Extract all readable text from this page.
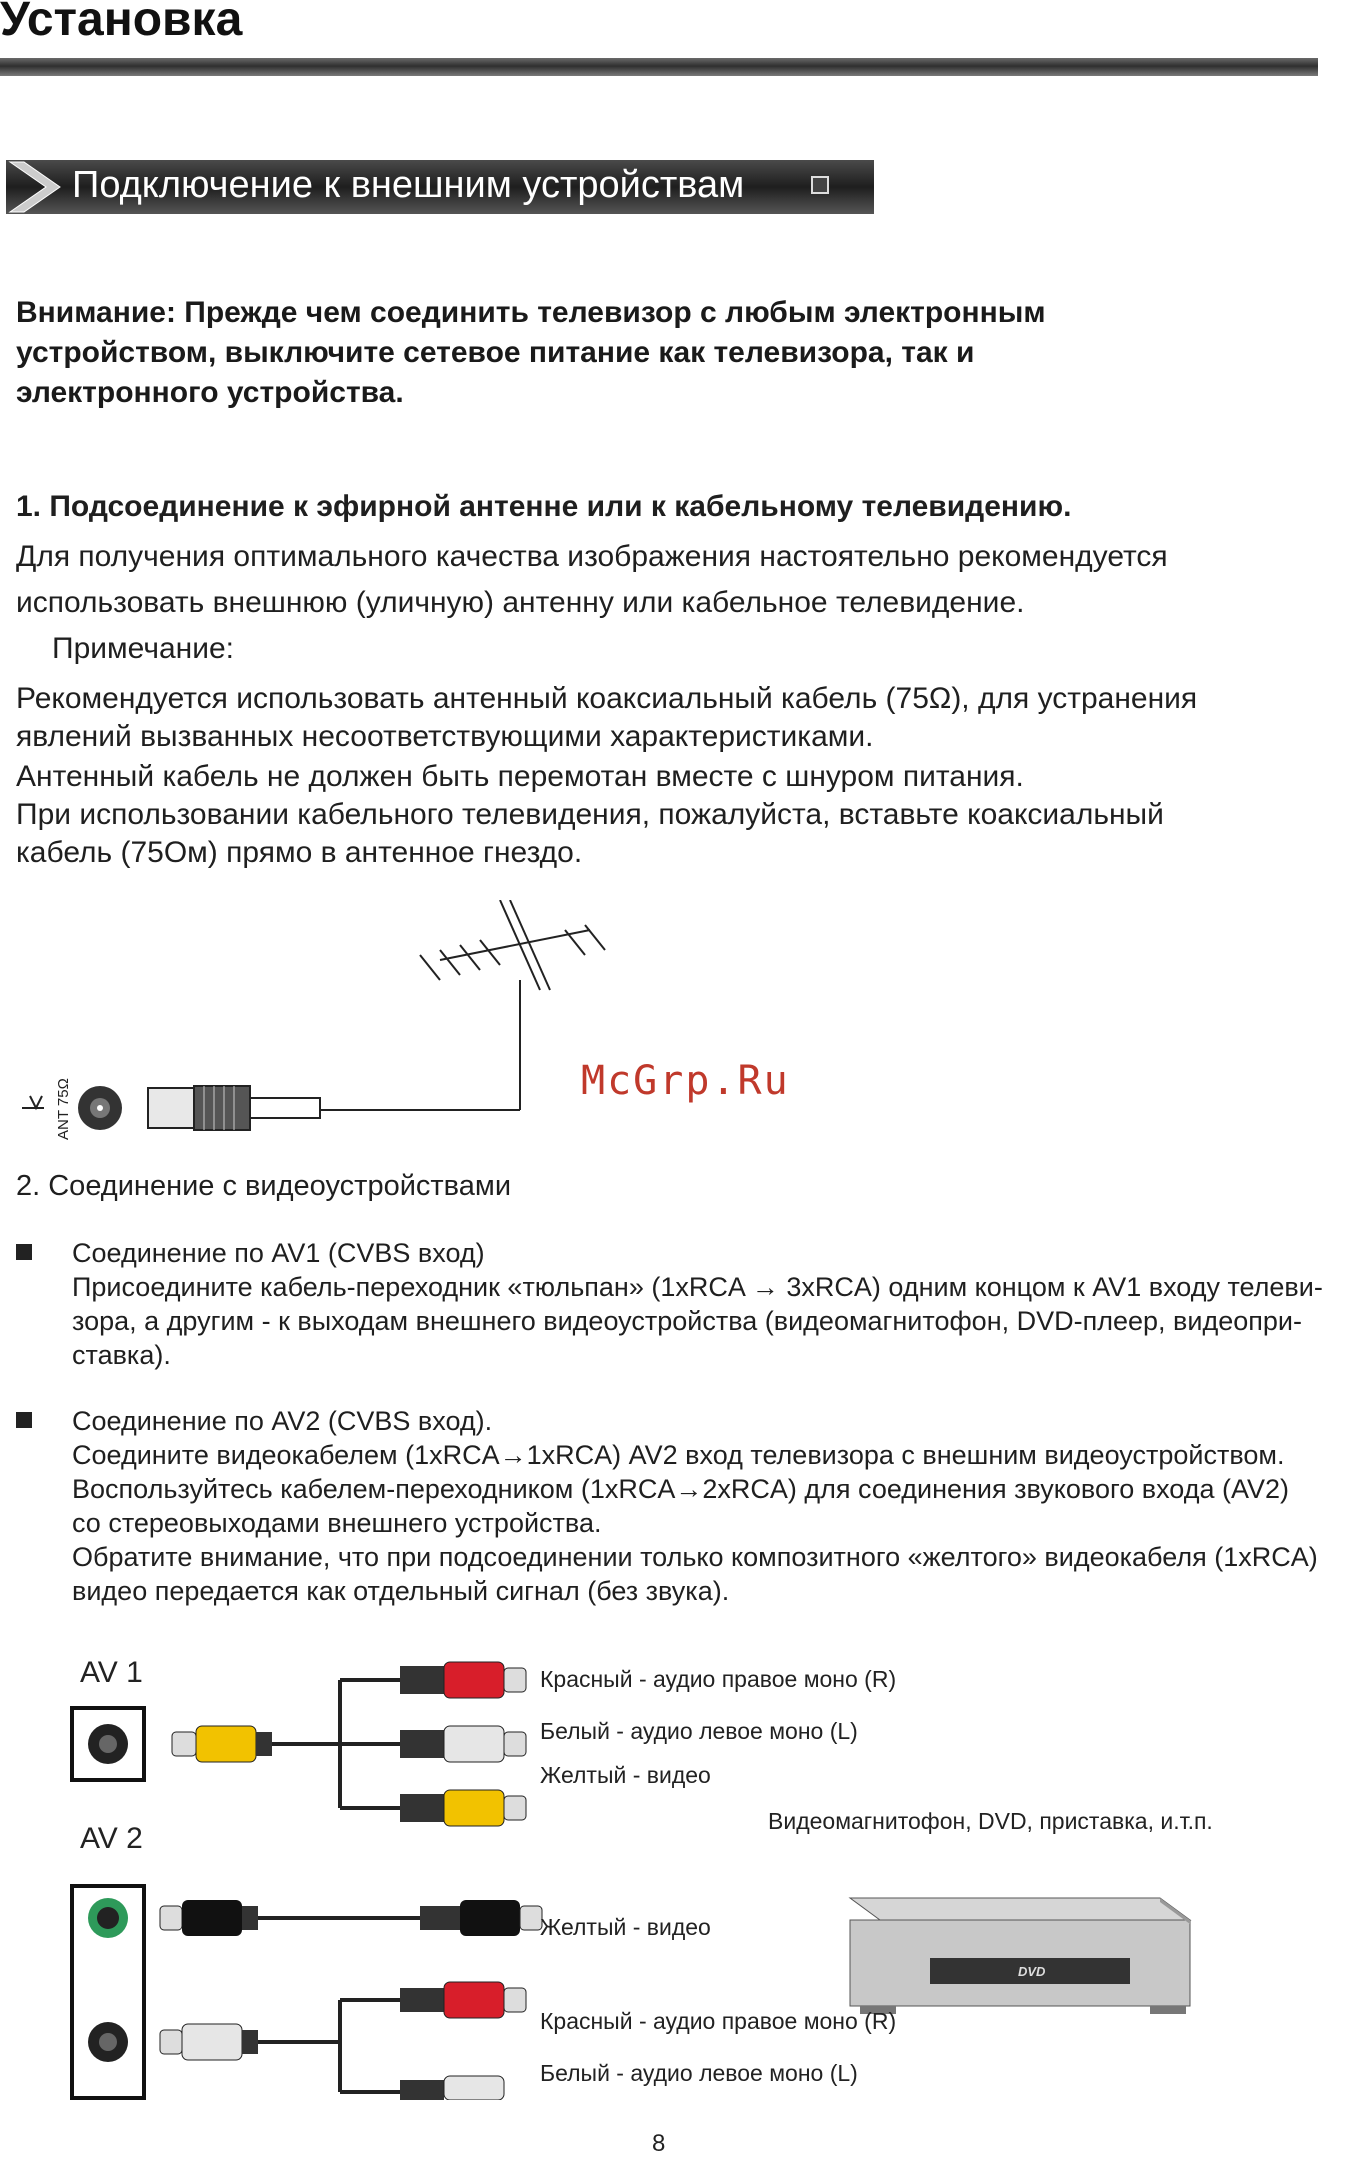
Установка
Подключение к внешним устройствам
Внимание: Прежде чем соединить телевизор с любым электронным
устройством, выключите сетевое питание как телевизора, так и
электронного устройства.
1. Подсоединение к эфирной антенне или к кабельному телевидению.
Для получения оптимального качества изображения настоятельно рекомендуется
использовать внешнюю (уличную) антенну или кабельное телевидение.
Примечание:
Рекомендуется использовать антенный коаксиальный кабель (75Ω), для устранения
явлений вызванных несоответствующими характеристиками.
Антенный кабель не должен быть перемотан вместе с шнуром питания.
При использовании кабельного телевидения, пожалуйста, вставьте коаксиальный
кабель (75Ом) прямо в антенное гнездо.
ANT 75Ω	McGrp.Ru
2. Соединение с видеоустройствами
Соединение по AV1 (CVBS вход)
Присоедините кабель-переходник «тюльпан» (1хRCA → 3хRCA) одним концом к AV1 входу телеви-
зора, а другим - к выходам внешнего видеоустройства (видеомагнитофон, DVD-плеер, видеопри-
ставка).
Соединение по AV2 (CVBS вход).
Соедините видеокабелем (1хRCA→1хRCA) AV2 вход телевизора с внешним видеоустройством.
Воспользуйтесь кабелем-переходником (1хRCA→2хRCA) для соединения звукового входа (AV2)
со стереовыходами внешнего устройства.
Обратите внимание, что при подсоединении только композитного «желтого» видеокабеля (1хRCA)
видео передается как отдельный сигнал (без звука).
DVD
AV 1
AV 2
Красный - аудио правое моно (R)
Белый - аудио левое моно (L)
Желтый - видео
Видеомагнитофон, DVD, приставка, и.т.п.
Желтый - видео
Красный - аудио правое моно (R)
Белый - аудио левое моно (L)
8
